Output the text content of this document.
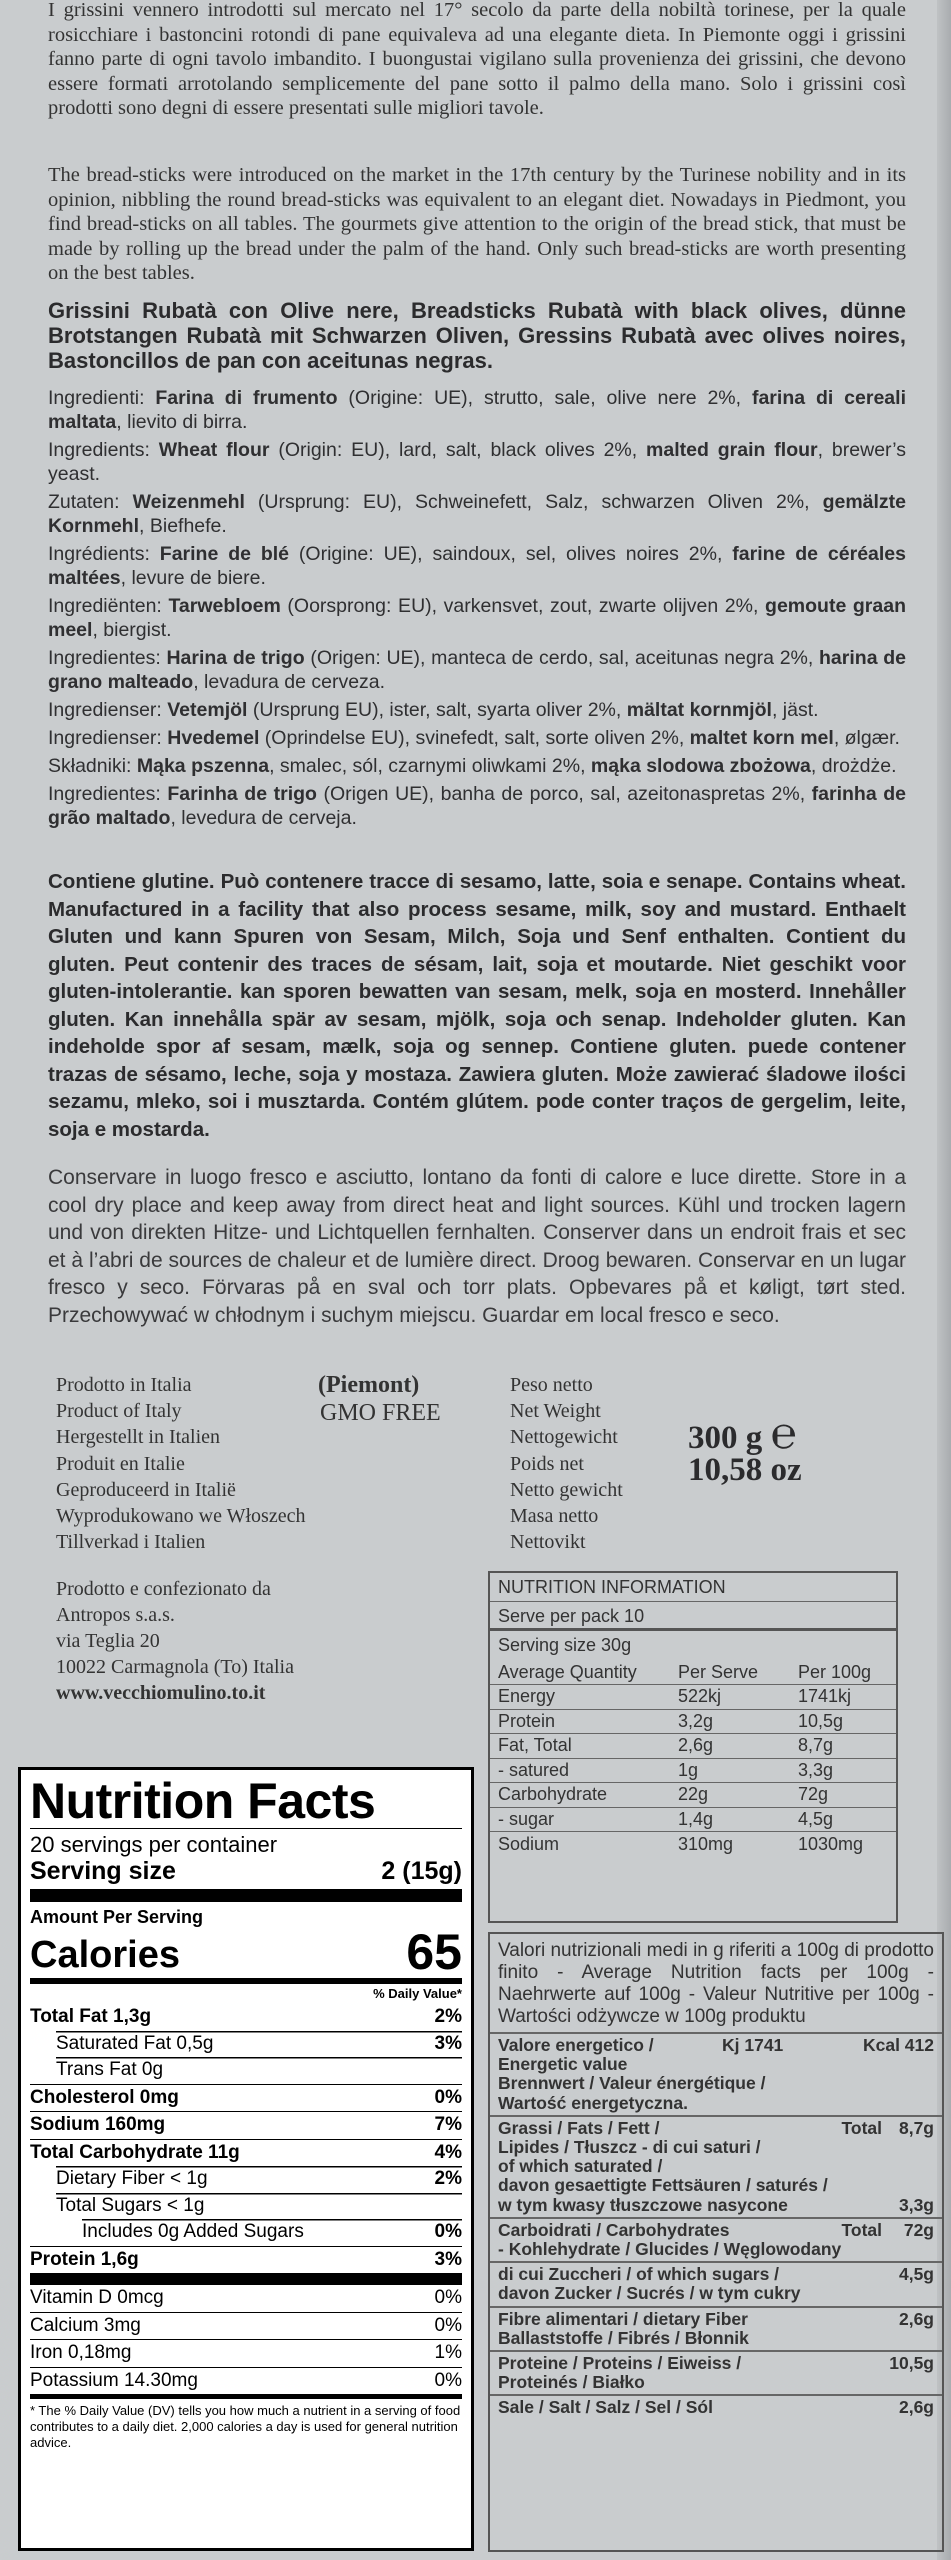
I grissini vennero introdotti sul mercato nel 17° secolo da parte della nobiltà torinese, per la quale rosicchiare i bastoncini rotondi di pane equivaleva ad una elegante dieta. In Piemonte oggi i grissini fanno parte di ogni tavolo imbandito. I buongustai vigilano sulla provenienza dei grissini, che devono essere formati arrotolando semplicemente del pane sotto il palmo della mano. Solo i grissini così prodotti sono degni di essere presentati sulle migliori tavole.
The bread-sticks were introduced on the market in the 17th century by the Turinese nobility and in its opinion, nibbling the round bread-sticks was equivalent to an elegant diet. Nowadays in Piedmont, you find bread-sticks on all tables. The gourmets give attention to the origin of the bread stick, that must be made by rolling up the bread under the palm of the hand. Only such bread-sticks are worth presenting on the best tables.
Grissini Rubatà con Olive nere, Breadsticks Rubatà with black olives, dünne Brotstangen Rubatà mit Schwarzen Oliven, Gressins Rubatà avec olives noires, Bastoncillos de pan con aceitunas negras.

Ingredienti: Farina di frumento (Origine: UE), strutto, sale, olive nere 2%, farina di cereali maltata, lievito di birra.

Ingredients: Wheat flour (Origin: EU), lard, salt, black olives 2%, malted grain flour, brewer’s yeast.

Zutaten: Weizenmehl (Ursprung: EU), Schweinefett, Salz, schwarzen Oliven 2%, gemälzte Kornmehl, Biefhefe.

Ingrédients: Farine de blé (Origine: UE), saindoux, sel, olives noires 2%, farine de céréales maltées, levure de biere.

Ingrediënten: Tarwebloem (Oorsprong: EU), varkensvet, zout, zwarte olijven 2%, gemoute graan meel, biergist.

Ingredientes: Harina de trigo (Origen: UE), manteca de cerdo, sal, aceitunas negra 2%, harina de grano malteado, levadura de cerveza.

Ingredienser: Vetemjöl (Ursprung EU), ister, salt, syarta oliver 2%, mältat kornmjöl, jäst.

Ingredienser: Hvedemel (Oprindelse EU), svinefedt, salt, sorte oliven 2%, maltet korn mel, ølgær.

Składniki: Mąka pszenna, smalec, sól, czarnymi oliwkami 2%, mąka slodowa zbożowa, drożdże.

Ingredientes: Farinha de trigo (Origen UE), banha de porco, sal, azeitonaspretas 2%, farinha de grão maltado, levedura de cerveja.

Contiene glutine. Può contenere tracce di sesamo, latte, soia e senape. Contains wheat. Manufactured in a facility that also process sesame, milk, soy and mustard. Enthaelt Gluten und kann Spuren von Sesam, Milch, Soja und Senf enthalten. Contient du gluten. Peut contenir des traces de sésam, lait, soja et moutarde. Niet geschikt voor gluten-intolerantie. kan sporen bewatten van sesam, melk, soja en mosterd. Innehåller gluten. Kan innehålla spär av sesam, mjölk, soja och senap. Indeholder gluten. Kan indeholde spor af sesam, mælk, soja og sennep. Contiene gluten. puede contener trazas de sésamo, leche, soja y mostaza. Zawiera gluten. Może zawierać śladowe ilości sezamu, mleko, soi i musztarda. Contém glútem. pode conter traços de gergelim, leite, soja e mostarda.
Conservare in luogo fresco e asciutto, lontano da fonti di calore e luce dirette. Store in a cool dry place and keep away from direct heat and light sources. Kühl und trocken lagern und von direkten Hitze- und Lichtquellen fernhalten. Conserver dans un endroit frais et sec et à l’abri de sources de chaleur et de lumière direct. Droog bewaren. Conservar en un lugar fresco y seco. Förvaras på en sval och torr plats. Opbevares på et køligt, tørt sted. Przechowywać w chłodnym i suchym miejscu. Guardar em local fresco e seco.
Prodotto in Italia
Product of Italy
Hergestellt in Italien
Produit en Italie
Geproduceerd in Italië
Wyprodukowano we Włoszech
Tillverkad i Italien
(Piemont)
GMO FREE
Peso netto
Net Weight
Nettogewicht
Poids net
Netto gewicht
Masa netto
Nettovikt
300 g ℮
10,58 oz
Prodotto e confezionato da
Antropos s.a.s.
via Teglia 20
10022 Carmagnola (To) Italia
www.vecchiomulino.to.it
NUTRITION INFORMATION
Serve per pack 10
Serving size 30g
Average Quantity	Per Serve	Per 100g
Energy	522kj	1741kj
Protein	3,2g	10,5g
Fat, Total	2,6g	8,7g
- satured	1g	3,3g
Carbohydrate	22g	72g
- sugar	1,4g	4,5g
Sodium	310mg	1030mg
Nutrition Facts
20 servings per container
Serving size	2 (15g)
Amount Per Serving
Calories	65
% Daily Value*
Total Fat 1,3g	2%
Saturated Fat 0,5g	3%
Trans Fat 0g
Cholesterol 0mg	0%
Sodium 160mg	7%
Total Carbohydrate 11g	4%
Dietary Fiber < 1g	2%
Total Sugars < 1g
Includes 0g Added Sugars	0%
Protein 1,6g	3%
Vitamin D 0mcg	0%
Calcium 3mg	0%
Iron 0,18mg	1%
Potassium 14.30mg	0%
* The % Daily Value (DV) tells you how much a nutrient in a serving of food contributes to a daily diet. 2,000 calories a day is used for general nutrition advice.
Valori nutrizionali medi in g riferiti a 100g di prodotto finito - Average Nutrition facts per 100g - Naehrwerte auf 100g - Valeur Nutritive per 100g - Wartości odżywcze w 100g produktu
Valore energetico /	Kj 1741	Kcal 412
Energetic value
Brennwert / Valeur énergétique /
Wartość energetyczna.
Grassi / Fats / Fett /	Total 8,7g
Lipides / Tłuszcz - di cui saturi /
of which saturated /
davon gesaettigte Fettsäuren / saturés /
w tym kwasy tłuszczowe nasycone	3,3g
Carboidrati / Carbohydrates	Total 72g
- Kohlehydrate / Glucides / Węglowodany
di cui Zuccheri / of which sugars /	4,5g
davon Zucker / Sucrés / w tym cukry
Fibre alimentari / dietary Fiber	2,6g
Ballaststoffe / Fibrés / Błonnik
Proteine / Proteins / Eiweiss /	10,5g
Proteinés / Białko
Sale / Salt / Salz / Sel / Sól	2,6g
